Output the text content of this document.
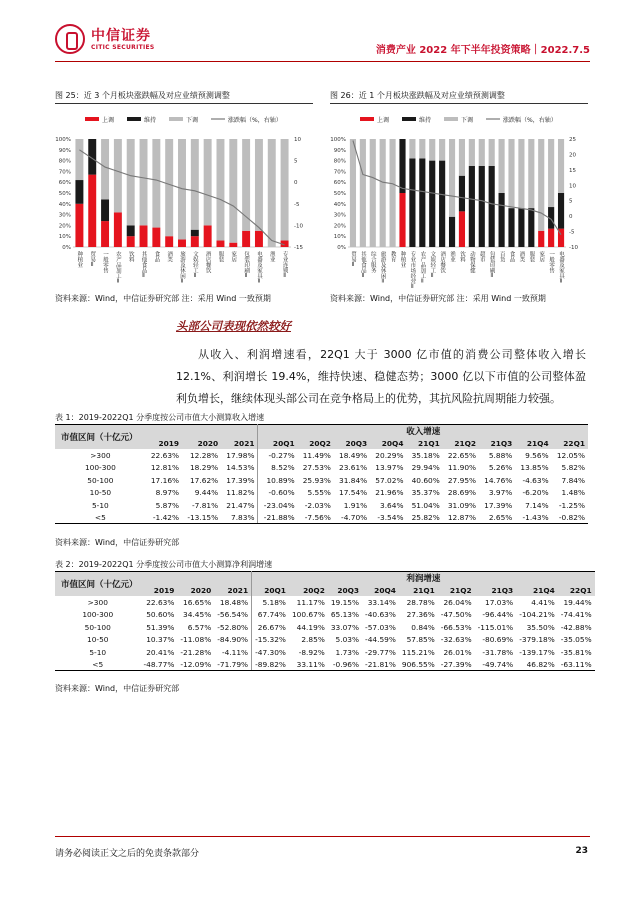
中信证券
CITIC SECURITIES	消费产业 2022 年下半年投资策略｜2022.7.5
图 25：近 3 个月板块涨跌幅及对应业绩预测调整
上调	维持	下调	涨跌幅（%，右轴）
0%
10%
20%
30%
40%
50%
60%
70%
80%
90%
100%
-15
-10
-5
0
5
10
种植业 贸易Ⅱ 一般零售 农产品加工Ⅱ 饮料 其他食品Ⅱ 食品 酒类 旅游及休闲Ⅱ 文娱轻工Ⅱ 酒店餐饮 服装 家居 包装印刷Ⅱ 电器及家具Ⅱ 渔业 专业连锁Ⅱ
资料来源：Wind，中信证券研究部 注：采用 Wind 一致预期
图 26：近 1 个月板块涨跌幅及对应业绩预测调整
上调	维持	下调	涨跌幅（%，右轴）
0%
10%
20%
30%
40%
50%
60%
70%
80%
90%
100%
-10
-5
0
5
10
15
20
25
贸易Ⅱ 其他食品Ⅱ 综合服务 旅游及休闲Ⅱ 教育 种植业 专业市场经营Ⅱ 农产品加工Ⅱ 文娱轻工Ⅱ 酒店餐饮 渔业 饮料 动物保健 超市 包装印刷Ⅱ 百货 食品 酒类 服装 家居 一般零售 电器及家具Ⅱ
资料来源：Wind，中信证券研究部 注：采用 Wind 一致预期
头部公司表现依然较好
从收入、利润增速看，22Q1 大于 3000 亿市值的消费公司整体收入增长 12.1%、利润增长 19.4%，维持快速、稳健态势；3000 亿以下市值的公司整体盈利负增长，继续体现头部公司在竞争格局上的优势，其抗风险抗周期能力较强。
表 1：2019-2022Q1 分季度按公司市值大小测算收入增速
市值区间（十亿元）				收入增速								
	2019	2020	2021	20Q1	20Q2	20Q3	20Q4	21Q1	21Q2	21Q3	21Q4	22Q1
>300	22.63%	12.28%	17.98%	-0.27%	11.49%	18.49%	20.29%	35.18%	22.65%	5.88%	9.56%	12.05%
100-300	12.81%	18.29%	14.53%	8.52%	27.53%	23.61%	13.97%	29.94%	11.90%	5.26%	13.85%	5.82%
50-100	17.16%	17.62%	17.39%	10.89%	25.93%	31.84%	57.02%	40.60%	27.95%	14.76%	-4.63%	7.84%
10-50	8.97%	9.44%	11.82%	-0.60%	5.55%	17.54%	21.96%	35.37%	28.69%	3.97%	-6.20%	1.48%
5-10	5.87%	-7.81%	21.47%	-23.04%	-2.03%	1.91%	3.64%	51.04%	31.09%	17.39%	7.14%	-1.25%
<5	-1.42%	-13.15%	7.83%	-21.88%	-7.56%	-4.70%	-3.54%	25.82%	12.87%	2.65%	-1.43%	-0.82%
资料来源：Wind，中信证券研究部
表 2：2019-2022Q1 分季度按公司市值大小测算净利润增速
市值区间（十亿元）				利润增速								
	2019	2020	2021	20Q1	20Q2	20Q3	20Q4	21Q1	21Q2	21Q3	21Q4	22Q1
>300	22.63%	16.65%	18.48%	5.18%	11.17%	19.15%	33.14%	28.78%	26.04%	17.03%	4.41%	19.44%
100-300	50.60%	34.45%	-56.54%	67.74%	100.67%	65.13%	-40.63%	27.36%	-47.50%	-96.44%	-104.21%	-74.41%
50-100	51.39%	6.57%	-52.80%	26.67%	44.19%	33.07%	-57.03%	0.84%	-66.53%	-115.01%	35.50%	-42.88%
10-50	10.37%	-11.08%	-84.90%	-15.32%	2.85%	5.03%	-44.59%	57.85%	-32.63%	-80.69%	-379.18%	-35.05%
5-10	20.41%	-21.28%	-4.11%	-47.30%	-8.92%	1.73%	-29.77%	115.21%	26.01%	-31.78%	-139.17%	-35.81%
<5	-48.77%	-12.09%	-71.79%	-89.82%	33.11%	-0.96%	-21.81%	906.55%	-27.39%	-49.74%	46.82%	-63.11%
资料来源：Wind，中信证券研究部
请务必阅读正文之后的免责条款部分	23
